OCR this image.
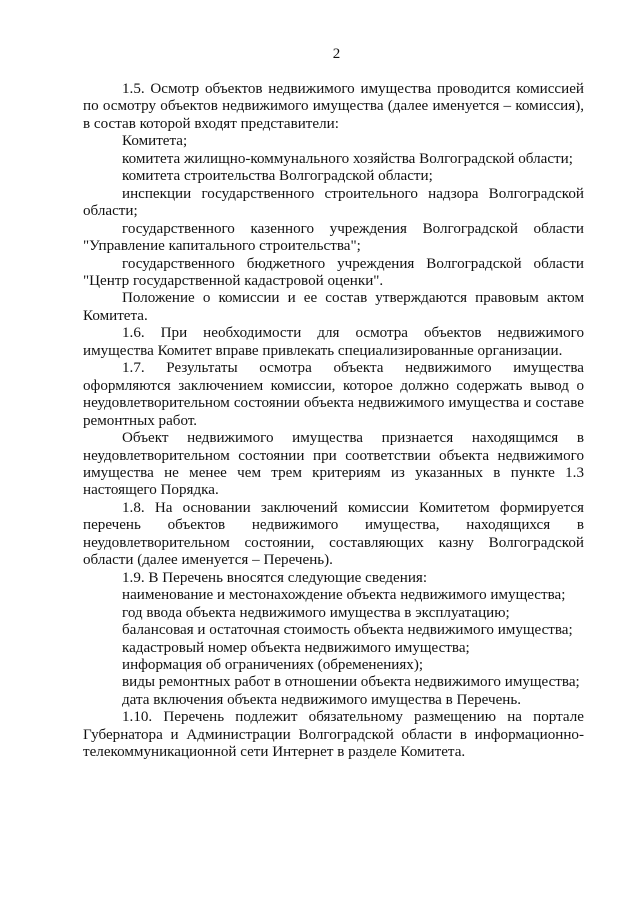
2

1.5. Осмотр объектов недвижимого имущества проводится комиссией по осмотру объектов недвижимого имущества (далее именуется – комиссия), в состав которой входят представители:

Комитета;

комитета жилищно-коммунального хозяйства Волгоградской области;

комитета строительства Волгоградской области;

инспекции государственного строительного надзора Волгоградской области;

государственного казенного учреждения Волгоградской области "Управление капитального строительства";

государственного бюджетного учреждения Волгоградской области "Центр государственной кадастровой оценки".

Положение о комиссии и ее состав утверждаются правовым актом Комитета.

1.6. При необходимости для осмотра объектов недвижимого имущества Комитет вправе привлекать специализированные организации.

1.7. Результаты осмотра объекта недвижимого имущества оформляются заключением комиссии, которое должно содержать вывод о неудовлетворительном состоянии объекта недвижимого имущества и составе ремонтных работ.

Объект недвижимого имущества признается находящимся в неудовлетворительном состоянии при соответствии объекта недвижимого имущества не менее чем трем критериям из указанных в пункте 1.3 настоящего Порядка.

1.8. На основании заключений комиссии Комитетом формируется перечень объектов недвижимого имущества, находящихся в неудовлетворительном состоянии, составляющих казну Волгоградской области (далее именуется – Перечень).

1.9. В Перечень вносятся следующие сведения:

наименование и местонахождение объекта недвижимого имущества;

год ввода объекта недвижимого имущества в эксплуатацию;

балансовая и остаточная стоимость объекта недвижимого имущества;

кадастровый номер объекта недвижимого имущества;

информация об ограничениях (обременениях);

виды ремонтных работ в отношении объекта недвижимого имущества;

дата включения объекта недвижимого имущества в Перечень.

1.10. Перечень подлежит обязательному размещению на портале Губернатора и Администрации Волгоградской области в информационно-телекоммуникационной сети Интернет в разделе Комитета.
